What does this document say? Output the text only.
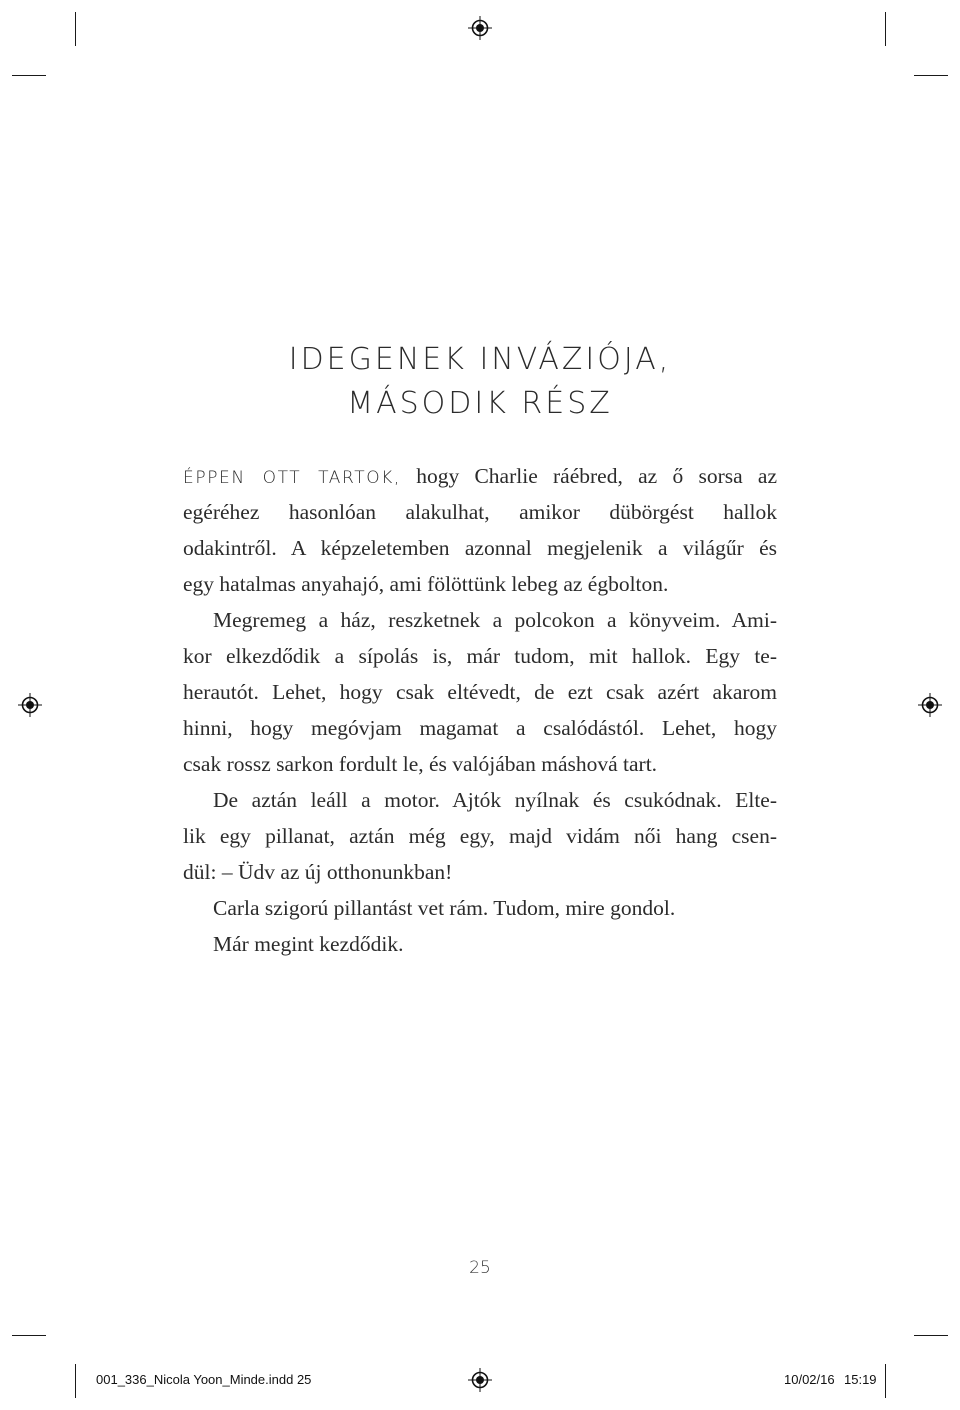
IDEGENEK INVÁZIÓJA,
MÁSODIK RÉSZ
ÉPPEN OTT TARTOK, hogy Charlie ráébred, az ő sorsa az
egéréhez hasonlóan alakulhat, amikor dübörgést hallok
odakintről. A képzeletemben azonnal megjelenik a világűr és
egy hatalmas anyahajó, ami fölöttünk lebeg az égbolton.
Megremeg a ház, reszketnek a polcokon a könyveim. Ami-
kor elkezdődik a sípolás is, már tudom, mit hallok. Egy te-
herautót. Lehet, hogy csak eltévedt, de ezt csak azért akarom
hinni, hogy megóvjam magamat a csalódástól. Lehet, hogy
csak rossz sarkon fordult le, és valójában máshová tart.
De aztán leáll a motor. Ajtók nyílnak és csukódnak. Elte-
lik egy pillanat, aztán még egy, majd vidám női hang csen-
dül: – Üdv az új otthonunkban!
Carla szigorú pillantást vet rám. Tudom, mire gondol.
Már megint kezdődik.
25
001_336_Nicola Yoon_Minde.indd 25	10/02/16 15:19
